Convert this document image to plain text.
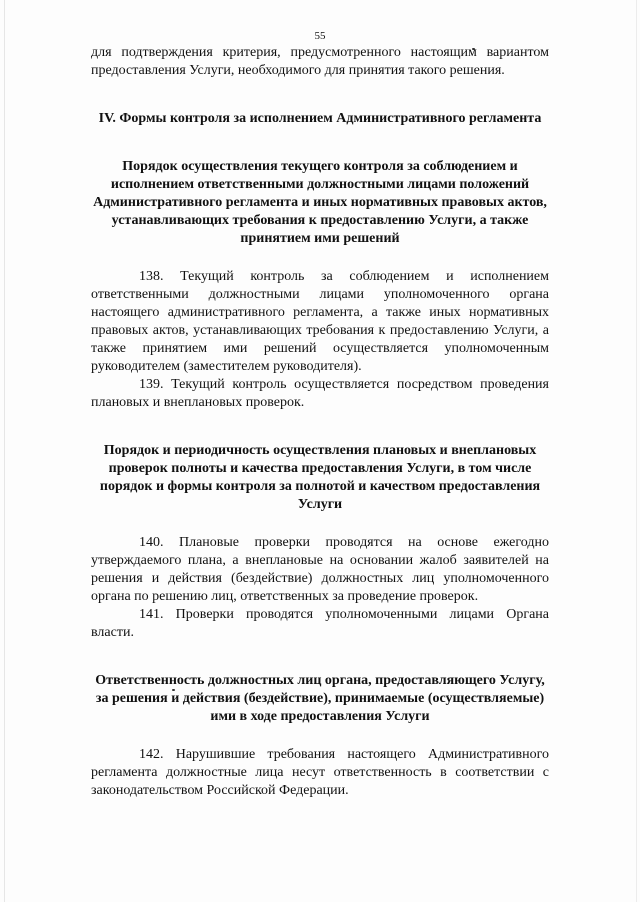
55

для подтверждения критерия, предусмотренного настоящим вариантом предоставления Услуги, необходимого для принятия такого решения.

IV. Формы контроля за исполнением Административного регламента
Порядок осуществления текущего контроля за соблюдением и исполнением ответственными должностными лицами положений Административного регламента и иных нормативных правовых актов, устанавливающих требования к предоставлению Услуги, а также принятием ими решений

138. Текущий контроль за соблюдением и исполнением ответственными должностными лицами уполномоченного органа настоящего административного регламента, а также иных нормативных правовых актов, устанавливающих требования к предоставлению Услуги, а также принятием ими решений осуществляется уполномоченным руководителем (заместителем руководителя).

139. Текущий контроль осуществляется посредством проведения плановых и внеплановых проверок.

Порядок и периодичность осуществления плановых и внеплановых проверок полноты и качества предоставления Услуги, в том числе порядок и формы контроля за полнотой и качеством предоставления Услуги

140. Плановые проверки проводятся на основе ежегодно утверждаемого плана, а внеплановые на основании жалоб заявителей на решения и действия (бездействие) должностных лиц уполномоченного органа по решению лиц, ответственных за проведение проверок.

141. Проверки проводятся уполномоченными лицами Органа власти.

Ответственность должностных лиц органа, предоставляющего Услугу, за решения и действия (бездействие), принимаемые (осуществляемые) ими в ходе предоставления Услуги

142. Нарушившие требования настоящего Административного регламента должностные лица несут ответственность в соответствии с законодательством Российской Федерации.
